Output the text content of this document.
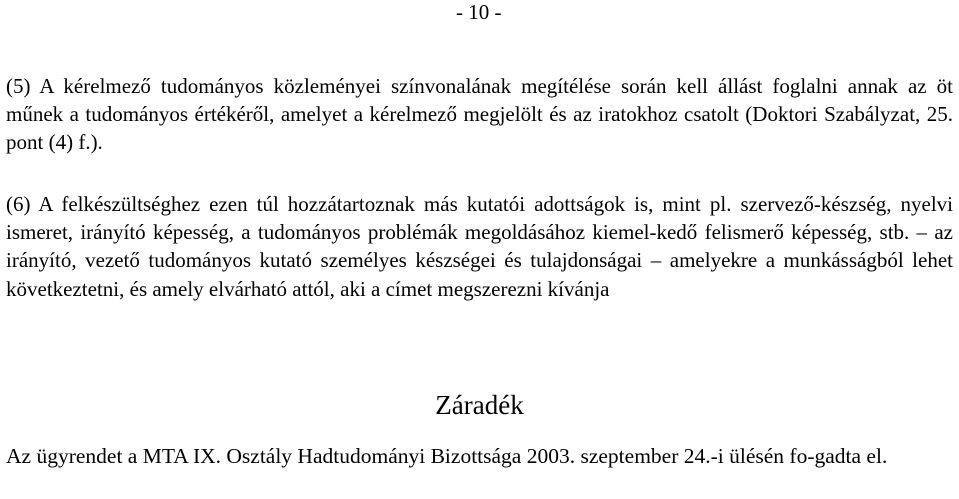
- 10 -

(5) A kérelmező tudományos közleményei színvonalának megítélése során kell állást foglalni annak az öt műnek a tudományos értékéről, amelyet a kérelmező megjelölt és az iratokhoz csatolt (Doktori Szabályzat, 25. pont (4) f.).

(6) A felkészültséghez ezen túl hozzátartoznak más kutatói adottságok is, mint pl. szervező-készség, nyelvi ismeret, irányító képesség, a tudományos problémák megoldásához kiemel-kedő felismerő képesség, stb. – az irányító, vezető tudományos kutató személyes készségei és tulajdonságai – amelyekre a munkásságból lehet következtetni, és amely elvárható attól, aki a címet megszerezni kívánja

Záradék

Az ügyrendet a MTA IX. Osztály Hadtudományi Bizottsága 2003. szeptember 24.-i ülésén fo-gadta el.
